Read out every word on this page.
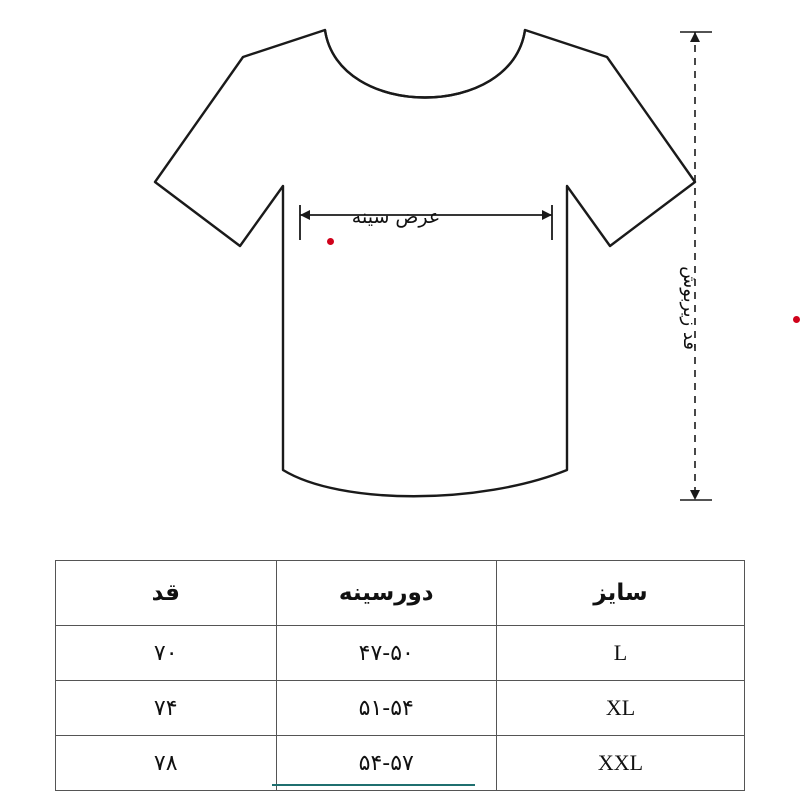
عرض سینه
قد زیربوش
سایز	دورسینه	قد
L	۴۷-۵۰	۷۰
XL	۵۱-۵۴	۷۴
XXL	۵۴-۵۷	۷۸
